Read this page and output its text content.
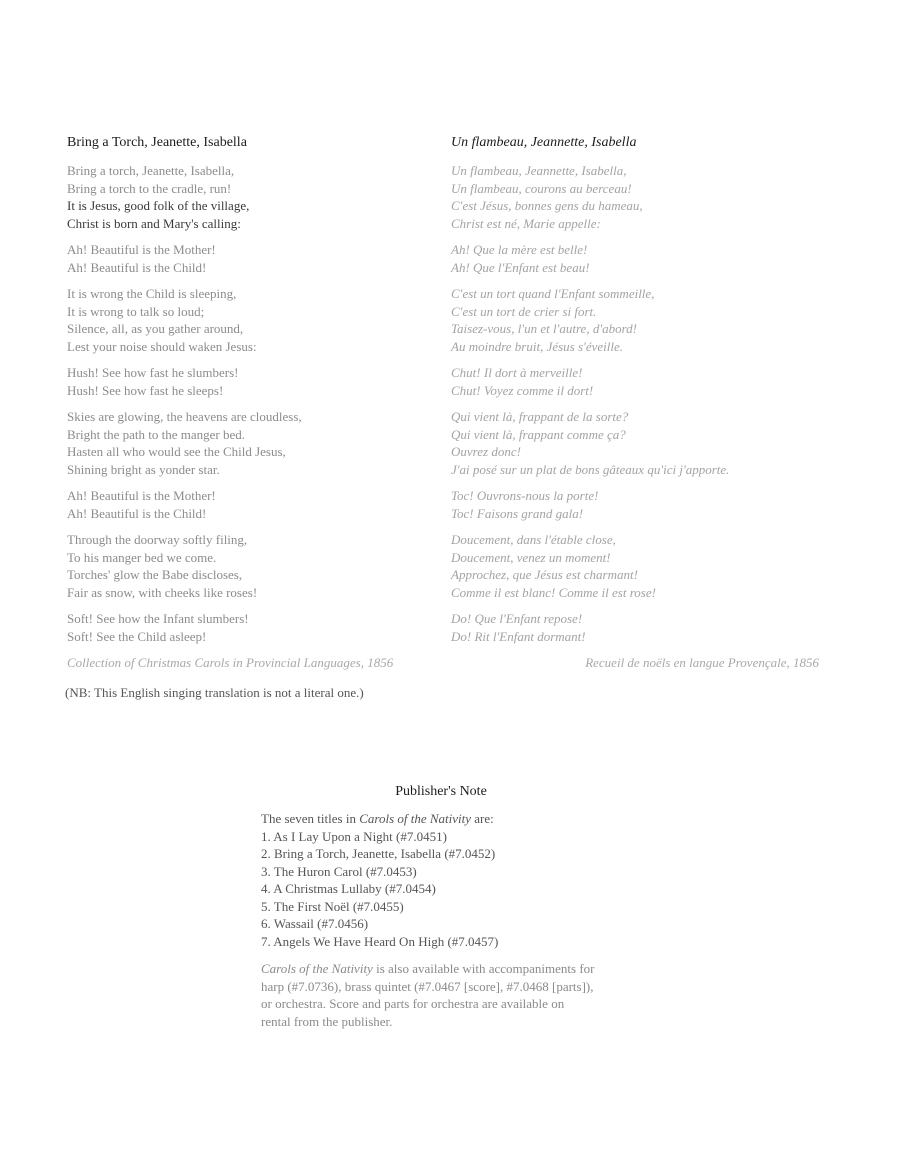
Bring a Torch, Jeanette, Isabella
Bring a torch, Jeanette, Isabella,
Bring a torch to the cradle, run!
It is Jesus, good folk of the village,
Christ is born and Mary's calling:
Ah! Beautiful is the Mother!
Ah! Beautiful is the Child!
It is wrong the Child is sleeping,
It is wrong to talk so loud;
Silence, all, as you gather around,
Lest your noise should waken Jesus:
Hush! See how fast he slumbers!
Hush! See how fast he sleeps!
Skies are glowing, the heavens are cloudless,
Bright the path to the manger bed.
Hasten all who would see the Child Jesus,
Shining bright as yonder star.
Ah! Beautiful is the Mother!
Ah! Beautiful is the Child!
Through the doorway softly filing,
To his manger bed we come.
Torches' glow the Babe discloses,
Fair as snow, with cheeks like roses!
Soft! See how the Infant slumbers!
Soft! See the Child asleep!
Collection of Christmas Carols in Provincial Languages, 1856
Un flambeau, Jeannette, Isabella
Un flambeau, Jeannette, Isabella,
Un flambeau, courons au berceau!
C'est Jésus, bonnes gens du hameau,
Christ est né, Marie appelle:
Ah! Que la mère est belle!
Ah! Que l'Enfant est beau!
C'est un tort quand l'Enfant sommeille,
C'est un tort de crier si fort.
Taisez-vous, l'un et l'autre, d'abord!
Au moindre bruit, Jésus s'éveille.
Chut! Il dort à merveille!
Chut! Voyez comme il dort!
Qui vient là, frappant de la sorte?
Qui vient là, frappant comme ça?
Ouvrez donc!
J'ai posé sur un plat de bons gâteaux qu'ici j'apporte.
Toc! Ouvrons-nous la porte!
Toc! Faisons grand gala!
Doucement, dans l'étable close,
Doucement, venez un moment!
Approchez, que Jésus est charmant!
Comme il est blanc! Comme il est rose!
Do! Que l'Enfant repose!
Do! Rit l'Enfant dormant!
Recueil de noëls en langue Provençale, 1856
(NB: This English singing translation is not a literal one.)
Publisher's Note
The seven titles in Carols of the Nativity are:
1. As I Lay Upon a Night (#7.0451)
2. Bring a Torch, Jeanette, Isabella (#7.0452)
3. The Huron Carol (#7.0453)
4. A Christmas Lullaby (#7.0454)
5. The First Noël (#7.0455)
6. Wassail (#7.0456)
7. Angels We Have Heard On High (#7.0457)
Carols of the Nativity is also available with accompaniments for
harp (#7.0736), brass quintet (#7.0467 [score], #7.0468 [parts]),
or orchestra. Score and parts for orchestra are available on
rental from the publisher.
